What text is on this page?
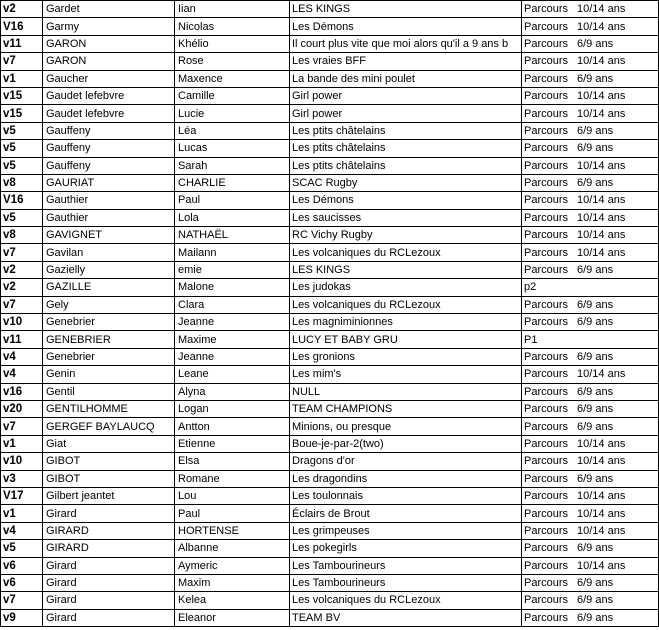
v2	Gardet	Iian	LES KINGS	Parcours 10/14 ans
V16	Garmy	Nicolas	Les Démons	Parcours 10/14 ans
v11	GARON	Khélio	Il court plus vite que moi alors qu'il a 9 ans b	Parcours 6/9 ans
v7	GARON	Rose	Les vraies BFF	Parcours 10/14 ans
v1	Gaucher	Maxence	La bande des mini poulet	Parcours 6/9 ans
v15	Gaudet lefebvre	Camille	Girl power	Parcours 10/14 ans
v15	Gaudet lefebvre	Lucie	Girl power	Parcours 10/14 ans
v5	Gauffeny	Léa	Les ptits châtelains	Parcours 6/9 ans
v5	Gauffeny	Lucas	Les ptits châtelains	Parcours 6/9 ans
v5	Gauffeny	Sarah	Les ptits châtelains	Parcours 10/14 ans
v8	GAURIAT	CHARLIE	SCAC Rugby	Parcours 6/9 ans
V16	Gauthier	Paul	Les Démons	Parcours 10/14 ans
v5	Gauthier	Lola	Les saucisses	Parcours 10/14 ans
v8	GAVIGNET	NATHAËL	RC Vichy Rugby	Parcours 10/14 ans
v7	Gavilan	Mailann	Les volcaniques du RCLezoux	Parcours 10/14 ans
v2	Gazielly	emie	LES KINGS	Parcours 6/9 ans
v2	GAZILLE	Malone	Les judokas	p2
v7	Gely	Clara	Les volcaniques du RCLezoux	Parcours 6/9 ans
v10	Genebrier	Jeanne	Les magniminionnes	Parcours 6/9 ans
v11	GENEBRIER	Maxime	LUCY ET BABY GRU	P1
v4	Genebrier	Jeanne	Les gronions	Parcours 6/9 ans
v4	Genin	Leane	Les mim's	Parcours 10/14 ans
v16	Gentil	Alyna	NULL	Parcours 6/9 ans
v20	GENTILHOMME	Logan	TEAM CHAMPIONS	Parcours 6/9 ans
v7	GERGEF BAYLAUCQ	Antton	Minions, ou presque	Parcours 6/9 ans
v1	Giat	Etienne	Boue-je-par-2(two)	Parcours 10/14 ans
v10	GIBOT	Elsa	Dragons d'or	Parcours 10/14 ans
v3	GIBOT	Romane	Les dragondins	Parcours 6/9 ans
V17	Gilbert jeantet	Lou	Les toulonnais	Parcours 10/14 ans
v1	Girard	Paul	Éclairs de Brout	Parcours 10/14 ans
v4	GIRARD	HORTENSE	Les grimpeuses	Parcours 10/14 ans
v5	GIRARD	Albanne	Les pokegirls	Parcours 6/9 ans
v6	Girard	Aymeric	Les Tambourineurs	Parcours 10/14 ans
v6	Girard	Maxim	Les Tambourineurs	Parcours 6/9 ans
v7	Girard	Kelea	Les volcaniques du RCLezoux	Parcours 6/9 ans
v9	Girard	Eleanor	TEAM BV	Parcours 6/9 ans
